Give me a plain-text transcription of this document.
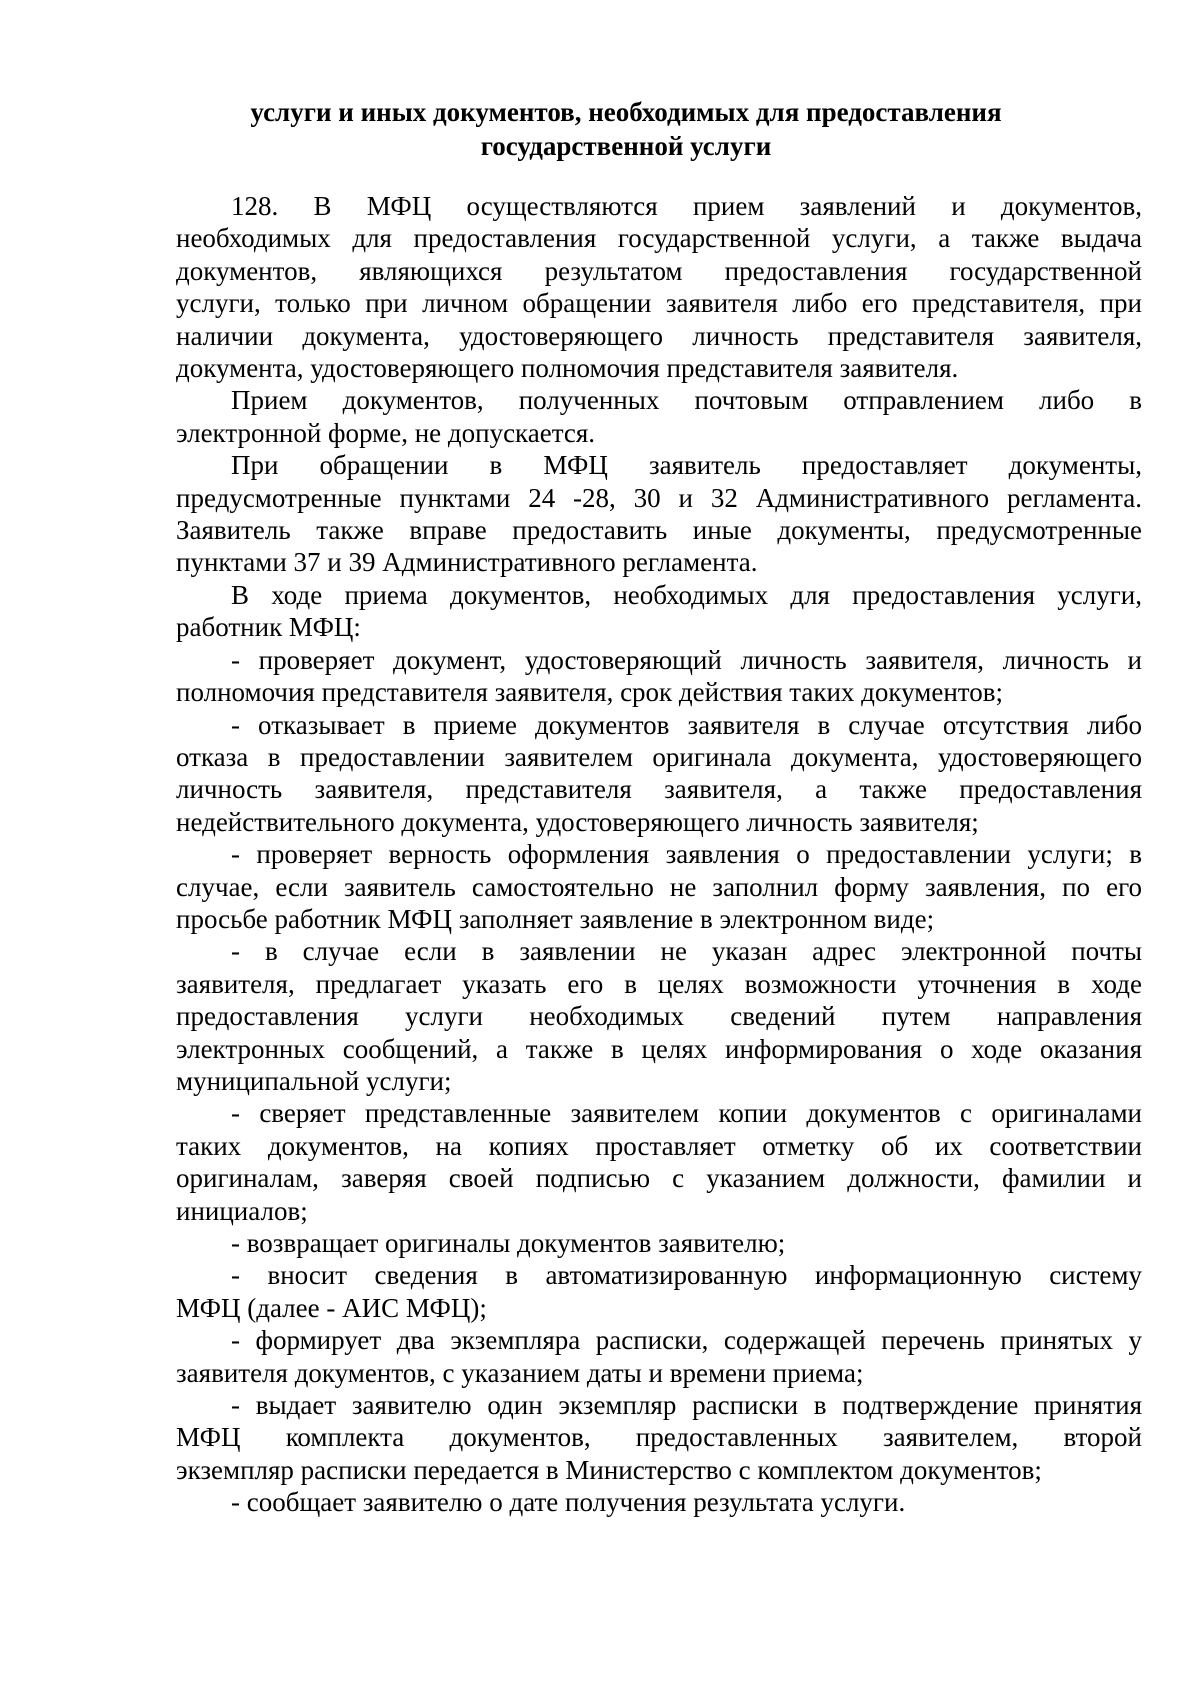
услуги и иных документов, необходимых для предоставления
государственной услуги
128. В МФЦ осуществляются прием заявлений и документов,
необходимых для предоставления государственной услуги, а также выдача
документов, являющихся результатом предоставления государственной
услуги, только при личном обращении заявителя либо его представителя, при
наличии документа, удостоверяющего личность представителя заявителя,
документа, удостоверяющего полномочия представителя заявителя.
Прием документов, полученных почтовым отправлением либо в
электронной форме, не допускается.
При обращении в МФЦ заявитель предоставляет документы,
предусмотренные пунктами 24 -28, 30 и 32 Административного регламента.
Заявитель также вправе предоставить иные документы, предусмотренные
пунктами 37 и 39 Административного регламента.
В ходе приема документов, необходимых для предоставления услуги,
работник МФЦ:
- проверяет документ, удостоверяющий личность заявителя, личность и
полномочия представителя заявителя, срок действия таких документов;
- отказывает в приеме документов заявителя в случае отсутствия либо
отказа в предоставлении заявителем оригинала документа, удостоверяющего
личность заявителя, представителя заявителя, а также предоставления
недействительного документа, удостоверяющего личность заявителя;
- проверяет верность оформления заявления о предоставлении услуги; в
случае, если заявитель самостоятельно не заполнил форму заявления, по его
просьбе работник МФЦ заполняет заявление в электронном виде;
- в случае если в заявлении не указан адрес электронной почты
заявителя, предлагает указать его в целях возможности уточнения в ходе
предоставления услуги необходимых сведений путем направления
электронных сообщений, а также в целях информирования о ходе оказания
муниципальной услуги;
- сверяет представленные заявителем копии документов с оригиналами
таких документов, на копиях проставляет отметку об их соответствии
оригиналам, заверяя своей подписью с указанием должности, фамилии и
инициалов;
- возвращает оригиналы документов заявителю;
- вносит сведения в автоматизированную информационную систему
МФЦ (далее - АИС МФЦ);
- формирует два экземпляра расписки, содержащей перечень принятых у
заявителя документов, с указанием даты и времени приема;
- выдает заявителю один экземпляр расписки в подтверждение принятия
МФЦ комплекта документов, предоставленных заявителем, второй
экземпляр расписки передается в Министерство с комплектом документов;
- сообщает заявителю о дате получения результата услуги.
